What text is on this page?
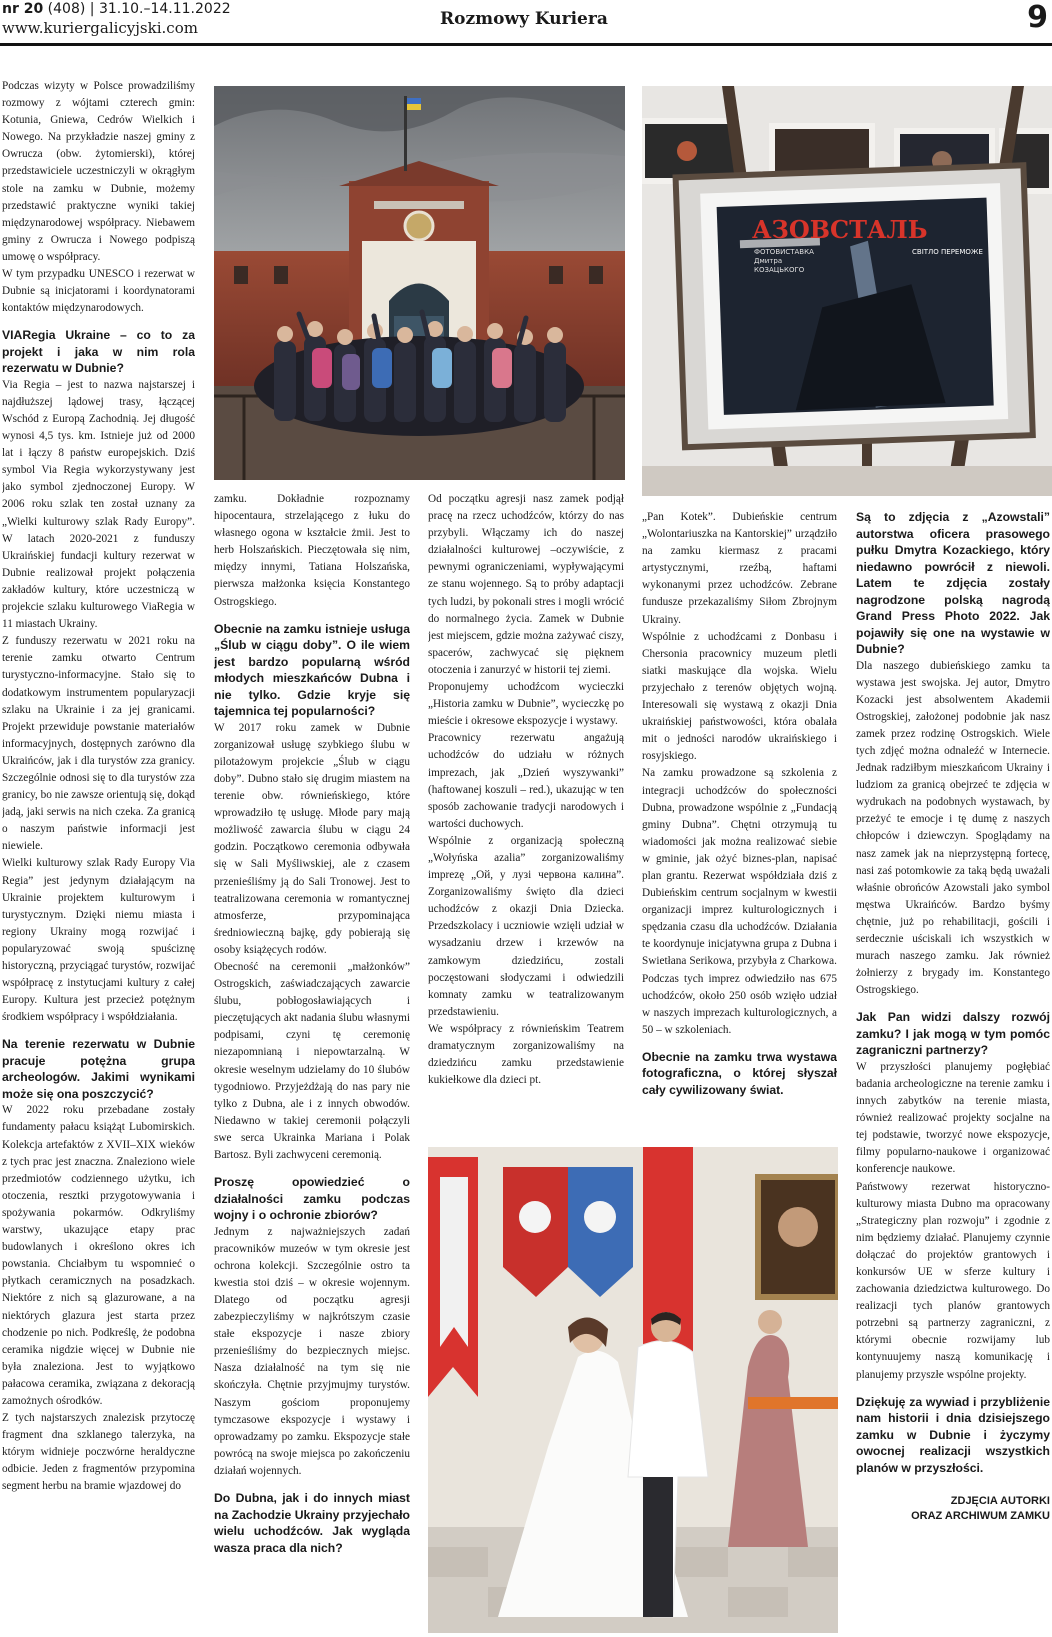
nr 20 (408) | 31.10.–14.11.2022
www.kuriergalicyjski.com	Rozmowy Kuriera	9

Podczas wizyty w Polsce prowadziliśmy rozmowy z wójtami czterech gmin: Kotunia, Gniewa, Cedrów Wielkich i Nowego. Na przykładzie naszej gminy z Owrucza (obw. żytomierski), której przedstawiciele uczestniczyli w okrągłym stole na zamku w Dubnie, możemy przedstawić praktyczne wyniki takiej międzynarodowej współpracy. Niebawem gminy z Owrucza i Nowego podpiszą umowę o współpracy.

W tym przypadku UNESCO i rezerwat w Dubnie są inicjatorami i koordynatorami kontaktów międzynarodowych.

VIARegia Ukraine – co to za projekt i jaka w nim rola rezerwatu w Dubnie?

Via Regia – jest to nazwa najstarszej i najdłuższej lądowej trasy, łączącej Wschód z Europą Zachodnią. Jej długość wynosi 4,5 tys. km. Istnieje już od 2000 lat i łączy 8 państw europejskich. Dziś symbol Via Regia wykorzystywany jest jako symbol zjednoczonej Europy. W 2006 roku szlak ten został uznany za „Wielki kulturowy szlak Rady Europy”. W latach 2020-2021 z funduszy Ukraińskiej fundacji kultury rezerwat w Dubnie realizował projekt połączenia zakładów kultury, które uczestniczą w projekcie szlaku kulturowego ViaRegia w 11 miastach Ukrainy.

Z funduszy rezerwatu w 2021 roku na terenie zamku otwarto Centrum turystyczno-informacyjne. Stało się to dodatkowym instrumentem popularyzacji szlaku na Ukrainie i za jej granicami. Projekt przewiduje powstanie materiałów informacyjnych, dostępnych zarówno dla Ukraińców, jak i dla turystów zza granicy. Szczególnie odnosi się to dla turystów zza granicy, bo nie zawsze orientują się, dokąd jadą, jaki serwis na nich czeka. Za granicą o naszym państwie informacji jest niewiele.

Wielki kulturowy szlak Rady Europy Via Regia” jest jedynym działającym na Ukrainie projektem kulturowym i turystycznym. Dzięki niemu miasta i regiony Ukrainy mogą rozwijać i popularyzować swoją spuściznę historyczną, przyciągać turystów, rozwijać współpracę z instytucjami kultury z całej Europy. Kultura jest przecież potężnym środkiem współpracy i współdziałania.

Na terenie rezerwatu w Dubnie pracuje potężna grupa archeologów. Jakimi wynikami może się ona poszczycić?

W 2022 roku przebadane zostały fundamenty pałacu książąt Lubomirskich. Kolekcja artefaktów z XVII–XIX wieków z tych prac jest znaczna. Znaleziono wiele przedmiotów codziennego użytku, ich otoczenia, resztki przygotowywania i spożywania pokarmów. Odkryliśmy warstwy, ukazujące etapy prac budowlanych i określono okres ich powstania. Chciałbym tu wspomnieć o płytkach ceramicznych na posadzkach. Niektóre z nich są glazurowane, a na niektórych glazura jest starta przez chodzenie po nich. Podkreślę, że podobna ceramika nigdzie więcej w Dubnie nie była znaleziona. Jest to wyjątkowo pałacowa ceramika, związana z dekoracją zamożnych ośrodków.

Z tych najstarszych znalezisk przytoczę fragment dna szklanego talerzyka, na którym widnieje poczwórne heraldyczne odbicie. Jeden z fragmentów przypomina segment herbu na bramie wjazdowej do

АЗОВСТАЛЬ
ФОТОВИСТАВКА
Дмитра
КОЗАЦЬКОГО
СВІТЛО ПЕРЕМОЖЕ

zamku. Dokładnie rozpoznamy hipocentaura, strzelającego z łuku do własnego ogona w kształcie żmii. Jest to herb Holszańskich. Pieczętowała się nim, między innymi, Tatiana Holszańska, pierwsza małżonka księcia Konstantego Ostrogskiego.

Obecnie na zamku istnieje usługa „Ślub w ciągu doby”. O ile wiem jest bardzo popularną wśród młodych mieszkańców Dubna i nie tylko. Gdzie kryje się tajemnica tej popularności?

W 2017 roku zamek w Dubnie zorganizował usługę szybkiego ślubu w pilotażowym projekcie „Ślub w ciągu doby”. Dubno stało się drugim miastem na terenie obw. równieńskiego, które wprowadziło tę usługę. Młode pary mają możliwość zawarcia ślubu w ciągu 24 godzin. Początkowo ceremonia odbywała się w Sali Myśliwskiej, ale z czasem przenieśliśmy ją do Sali Tronowej. Jest to teatralizowana ceremonia w romantycznej atmosferze, przypominająca średniowieczną bajkę, gdy pobierają się osoby książęcych rodów.

Obecność na ceremonii „małżonków” Ostrogskich, zaświadczających zawarcie ślubu, pobłogosławiających i pieczętujących akt nadania ślubu własnymi podpisami, czyni tę ceremonię niezapomnianą i niepowtarzalną. W okresie weselnym udzielamy do 10 ślubów tygodniowo. Przyjeżdżają do nas pary nie tylko z Dubna, ale i z innych obwodów. Niedawno w takiej ceremonii połączyli swe serca Ukrainka Mariana i Polak Bartosz. Byli zachwyceni ceremonią.

Proszę opowiedzieć o działalności zamku podczas wojny i o ochronie zbiorów?

Jednym z najważniejszych zadań pracowników muzeów w tym okresie jest ochrona kolekcji. Szczególnie ostro ta kwestia stoi dziś – w okresie wojennym. Dlatego od początku agresji zabezpieczyliśmy w najkrótszym czasie stałe ekspozycje i nasze zbiory przenieśliśmy do bezpiecznych miejsc. Nasza działalność na tym się nie skończyła. Chętnie przyjmujmy turystów. Naszym gościom proponujemy tymczasowe ekspozycje i wystawy i oprowadzamy po zamku. Ekspozycje stałe powrócą na swoje miejsca po zakończeniu działań wojennych.

Do Dubna, jak i do innych miast na Zachodzie Ukrainy przyjechało wielu uchodźców. Jak wygląda wasza praca dla nich?

Od początku agresji nasz zamek podjął pracę na rzecz uchodźców, którzy do nas przybyli. Włączamy ich do naszej działalności kulturowej –oczywiście, z pewnymi ograniczeniami, wypływającymi ze stanu wojennego. Są to próby adaptacji tych ludzi, by pokonali stres i mogli wrócić do normalnego życia. Zamek w Dubnie jest miejscem, gdzie można zażywać ciszy, spacerów, zachwycać się pięknem otoczenia i zanurzyć w historii tej ziemi.

Proponujemy uchodźcom wycieczki „Historia zamku w Dubnie”, wycieczkę po mieście i okresowe ekspozycje i wystawy.

Pracownicy rezerwatu angażują uchodźców do udziału w różnych imprezach, jak „Dzień wyszywanki” (haftowanej koszuli – red.), ukazując w ten sposób zachowanie tradycji narodowych i wartości duchowych.

Wspólnie z organizacją społeczną „Wołyńska azalia” zorganizowaliśmy imprezę „Ой, у лузі червона калина”. Zorganizowaliśmy święto dla dzieci uchodźców z okazji Dnia Dziecka. Przedszkolacy i uczniowie wzięli udział w wysadzaniu drzew i krzewów na zamkowym dziedzińcu, zostali poczęstowani słodyczami i odwiedzili komnaty zamku w teatralizowanym przedstawieniu.

We współpracy z równieńskim Teatrem dramatycznym zorganizowaliśmy na dziedzińcu zamku przedstawienie kukiełkowe dla dzieci pt.

„Pan Kotek”. Dubieńskie centrum „Wolontariuszka na Kantorskiej” urządziło na zamku kiermasz z pracami artystycznymi, rzeźbą, haftami wykonanymi przez uchodźców. Zebrane fundusze przekazaliśmy Siłom Zbrojnym Ukrainy.

Wspólnie z uchodźcami z Donbasu i Chersonia pracownicy muzeum pletli siatki maskujące dla wojska. Wielu przyjechało z terenów objętych wojną. Interesowali się wystawą z okazji Dnia ukraińskiej państwowości, która obalała mit o jedności narodów ukraińskiego i rosyjskiego.

Na zamku prowadzone są szkolenia z integracji uchodźców do społeczności Dubna, prowadzone wspólnie z „Fundacją gminy Dubna”. Chętni otrzymują tu wiadomości jak można realizować siebie w gminie, jak ożyć biznes-plan, napisać plan grantu. Rezerwat współdziała dziś z Dubieńskim centrum socjalnym w kwestii organizacji imprez kulturologicznych i spędzania czasu dla uchodźców. Działania te koordynuje inicjatywna grupa z Dubna i Swietłana Serikowa, przybyła z Charkowa. Podczas tych imprez odwiedziło nas 675 uchodźców, około 250 osób wzięło udział w naszych imprezach kulturologicznych, a 50 – w szkoleniach.

Obecnie na zamku trwa wystawa fotograficzna, o której słyszał cały cywilizowany świat.

Są to zdjęcia z „Azowstali” autorstwa oficera prasowego pułku Dmytra Kozackiego, który niedawno powrócił z niewoli. Latem te zdjęcia zostały nagrodzone polską nagrodą Grand Press Photo 2022. Jak pojawiły się one na wystawie w Dubnie?

Dla naszego dubieńskiego zamku ta wystawa jest swojska. Jej autor, Dmytro Kozacki jest absolwentem Akademii Ostrogskiej, założonej podobnie jak nasz zamek przez rodzinę Ostrogskich. Wiele tych zdjęć można odnaleźć w Internecie. Jednak radziłbym mieszkańcom Ukrainy i ludziom za granicą obejrzeć te zdjęcia w wydrukach na podobnych wystawach, by przeżyć te emocje i tę dumę z naszych chłopców i dziewczyn. Spoglądamy na nasz zamek jak na nieprzystępną fortecę, nasi zaś potomkowie za taką będą uważali właśnie obrońców Azowstali jako symbol męstwa Ukraińców. Bardzo byśmy chętnie, już po rehabilitacji, gościli i serdecznie uściskali ich wszystkich w murach naszego zamku. Jak również żołnierzy z brygady im. Konstantego Ostrogskiego.

Jak Pan widzi dalszy rozwój zamku? I jak mogą w tym pomóc zagraniczni partnerzy?

W przyszłości planujemy pogłębiać badania archeologiczne na terenie zamku i innych zabytków na terenie miasta, również realizować projekty socjalne na tej podstawie, tworzyć nowe ekspozycje, filmy popularno-naukowe i organizować konferencje naukowe.

Państwowy rezerwat historyczno-kulturowy miasta Dubno ma opracowany „Strategiczny plan rozwoju” i zgodnie z nim będziemy działać. Planujemy czynnie dołączać do projektów grantowych i konkursów UE w sferze kultury i zachowania dziedzictwa kulturowego. Do realizacji tych planów grantowych potrzebni są partnerzy zagraniczni, z którymi obecnie rozwijamy lub kontynuujemy naszą komunikację i planujemy przyszłe wspólne projekty.

Dziękuję za wywiad i przybliżenie nam historii i dnia dzisiejszego zamku w Dubnie i życzymy owocnej realizacji wszystkich planów w przyszłości.
ZDJĘCIA AUTORKI
ORAZ ARCHIWUM ZAMKU
